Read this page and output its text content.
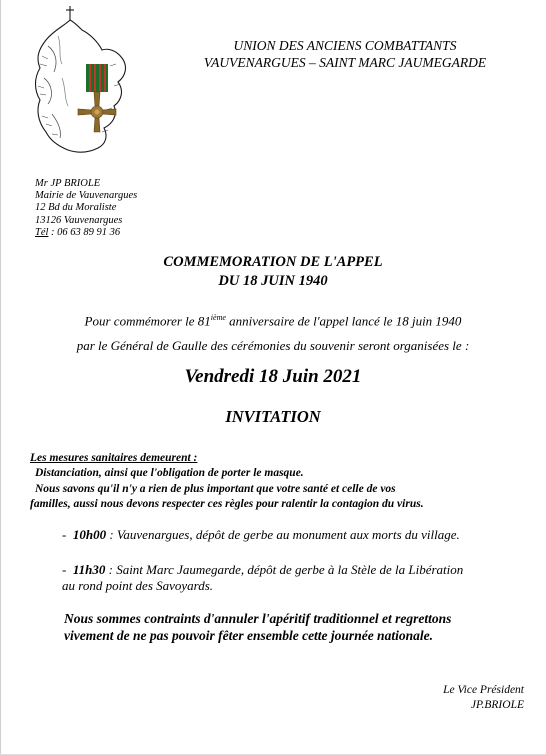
UNION DES ANCIENS COMBATTANTS
VAUVENARGUES – SAINT MARC JAUMEGARDE
Mr JP BRIOLE
Mairie de Vauvenargues
12 Bd du Moraliste
13126 Vauvenargues
Tél : 06 63 89 91 36
COMMEMORATION DE L'APPEL
DU 18 JUIN 1940
Pour commémorer le 81ième anniversaire de l'appel lancé le 18 juin 1940
par le Général de Gaulle des cérémonies du souvenir seront organisées le :
Vendredi 18 Juin 2021
INVITATION
Les mesures sanitaires demeurent :
Distanciation, ainsi que l'obligation de porter le masque.
Nous savons qu'il n'y a rien de plus important que votre santé et celle de vos
familles, aussi nous devons respecter ces règles pour ralentir la contagion du virus.
- 10h00 : Vauvenargues, dépôt de gerbe au monument aux morts du village.
- 11h30 : Saint Marc Jaumegarde, dépôt de gerbe à la Stèle de la Libération
au rond point des Savoyards.
Nous sommes contraints d'annuler l'apéritif traditionnel et regrettons
vivement de ne pas pouvoir fêter ensemble cette journée nationale.
Le Vice Président
JP.BRIOLE
